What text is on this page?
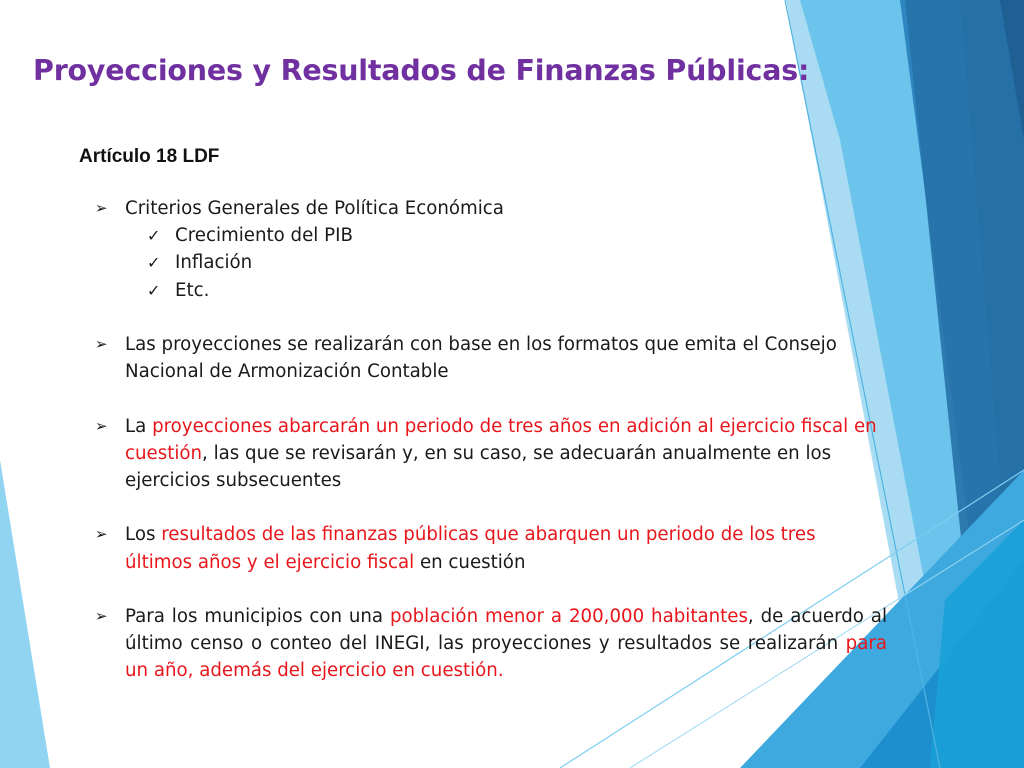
Proyecciones y Resultados de Finanzas Públicas:
Artículo 18 LDF
➢ Criterios Generales de Política Económica
✓ Crecimiento del PIB
✓ Inflación
✓ Etc.
➢ Las proyecciones se realizarán con base en los formatos que emita el Consejo Nacional de Armonización Contable
➢ La proyecciones abarcarán un periodo de tres años en adición al ejercicio fiscal en cuestión, las que se revisarán y, en su caso, se adecuarán anualmente en los ejercicios subsecuentes
➢ Los resultados de las finanzas públicas que abarquen un periodo de los tres últimos años y el ejercicio fiscal en cuestión
➢ Para los municipios con una población menor a 200,000 habitantes, de acuerdo al último censo o conteo del INEGI, las proyecciones y resultados se realizarán para un año, además del ejercicio en cuestión.
